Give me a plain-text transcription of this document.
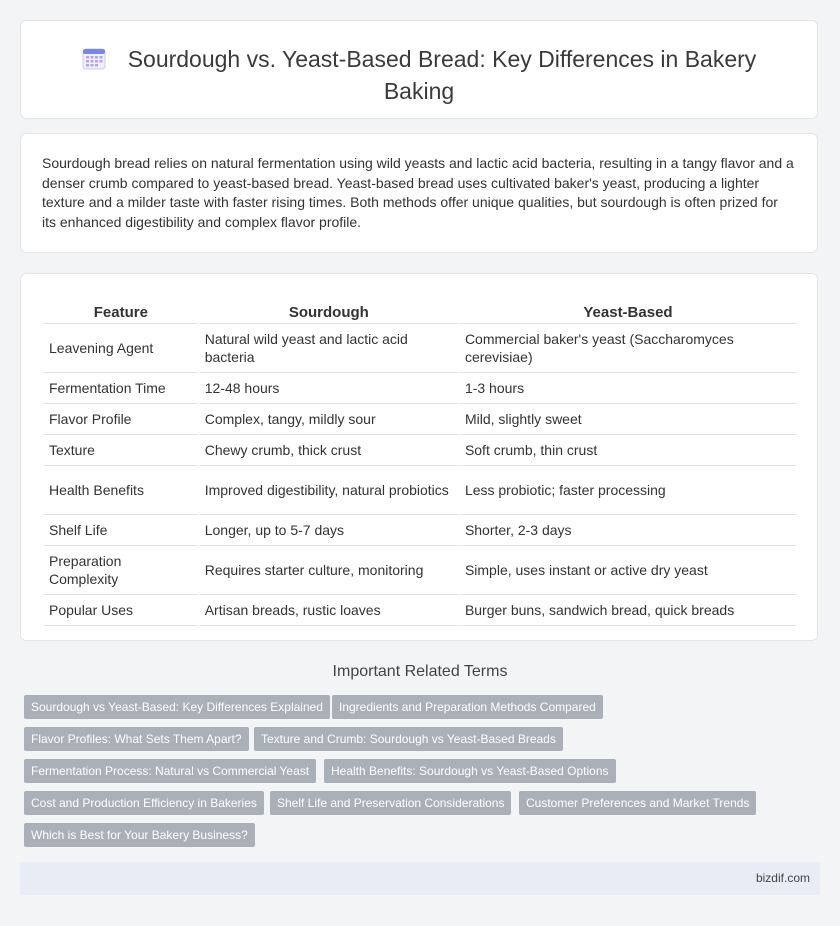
Sourdough vs. Yeast-Based Bread: Key Differences in Bakery Baking

Sourdough bread relies on natural fermentation using wild yeasts and lactic acid bacteria, resulting in a tangy flavor and a denser crumb compared to yeast-based bread. Yeast-based bread uses cultivated baker's yeast, producing a lighter texture and a milder taste with faster rising times. Both methods offer unique qualities, but sourdough is often prized for its enhanced digestibility and complex flavor profile.

Feature	Sourdough	Yeast-Based
Leavening Agent	Natural wild yeast and lactic acid bacteria	Commercial baker's yeast (Saccharomyces cerevisiae)
Fermentation Time	12-48 hours	1-3 hours
Flavor Profile	Complex, tangy, mildly sour	Mild, slightly sweet
Texture	Chewy crumb, thick crust	Soft crumb, thin crust
Health Benefits	Improved digestibility, natural probiotics	Less probiotic; faster processing
Shelf Life	Longer, up to 5-7 days	Shorter, 2-3 days
Preparation Complexity	Requires starter culture, monitoring	Simple, uses instant or active dry yeast
Popular Uses	Artisan breads, rustic loaves	Burger buns, sandwich bread, quick breads
Important Related Terms
Sourdough vs Yeast-Based: Key Differences Explained	Ingredients and Preparation Methods Compared
Flavor Profiles: What Sets Them Apart?	Texture and Crumb: Sourdough vs Yeast-Based Breads
Fermentation Process: Natural vs Commercial Yeast	Health Benefits: Sourdough vs Yeast-Based Options
Cost and Production Efficiency in Bakeries	Shelf Life and Preservation Considerations	Customer Preferences and Market Trends
Which is Best for Your Bakery Business?
bizdif.com
